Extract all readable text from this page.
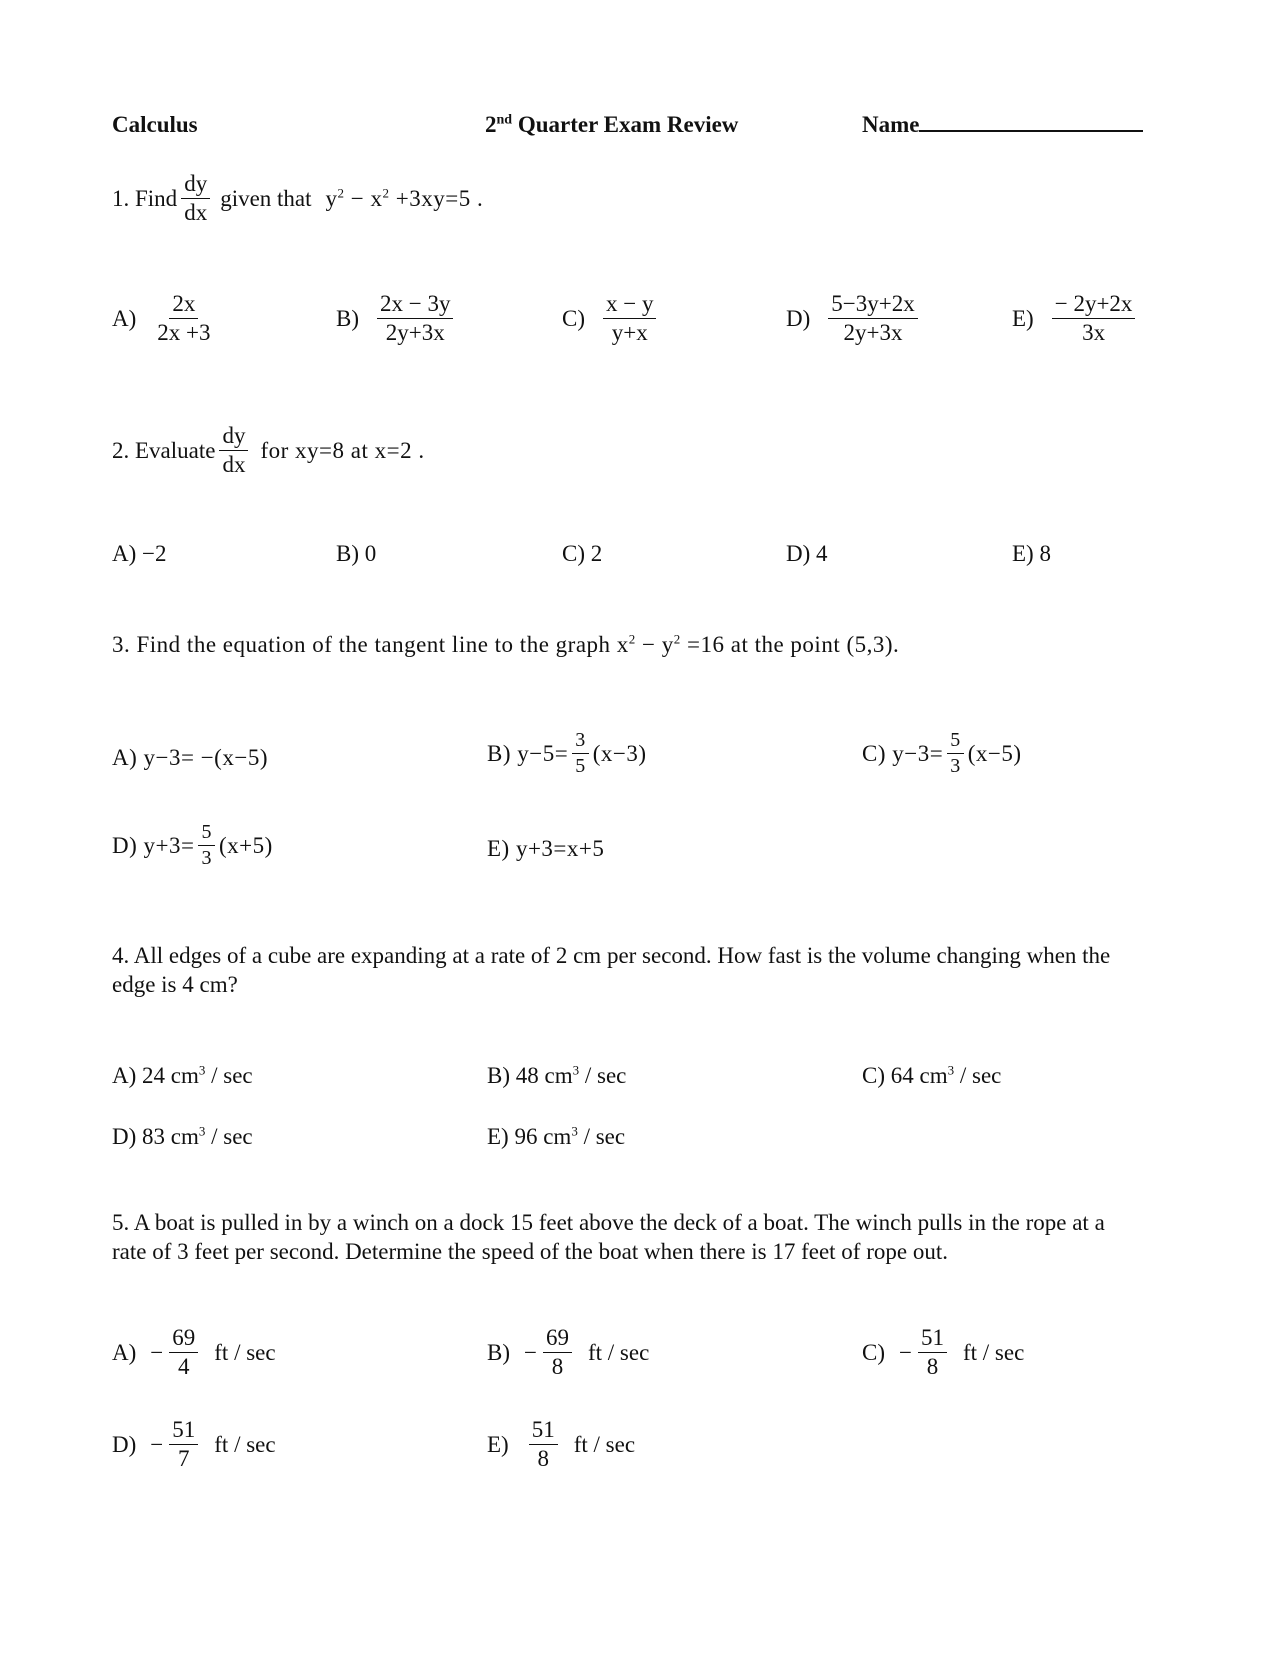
Calculus	2nd Quarter Exam Review	Name
1. Find $\frac{dy}{dx}$ given that $y^2 - x^2 +3xy=5$ .
$A) \frac{2x}{2x +3}$	$B) \frac{2x - 3y}{2y+3x}$	$C) \frac{x - y}{y+x}$	$D) \frac{5-3y+2x}{2y+3x}$	$E) \frac{- 2y+2x}{3x}$
2. Evaluate $\frac{dy}{dx}$ for xy=8 at x=2 .
A) −2	B) 0	C) 2	D) 4	E) 8
3. Find the equation of the tangent line to the graph $x^2 - y^2 =16$ at the point (5,3).
A) y−3= −(x−5)	B) $y-5= \frac{3}{5} (x-3)$	C) $y-3= \frac{5}{3} (x-5)$
D) $y+3= \frac{5}{3} (x+5)$	E) y+3=x+5
4. All edges of a cube are expanding at a rate of 2 cm per second. How fast is the volume changing when the edge is 4 cm?
A) 24 $cm^3$ / sec	B) 48 $cm^3$ / sec	C) 64 $cm^3$ / sec
D) 83 $cm^3$ / sec	E) 96 $cm^3$ / sec
5. A boat is pulled in by a winch on a dock 15 feet above the deck of a boat. The winch pulls in the rope at a rate of 3 feet per second. Determine the speed of the boat when there is 17 feet of rope out.
$A) - \frac{69}{4}$ ft / sec	$B) - \frac{69}{8}$ ft / sec	$C) - \frac{51}{8}$ ft / sec
$D) - \frac{51}{7}$ ft / sec	$E) \frac{51}{8}$ ft / sec
